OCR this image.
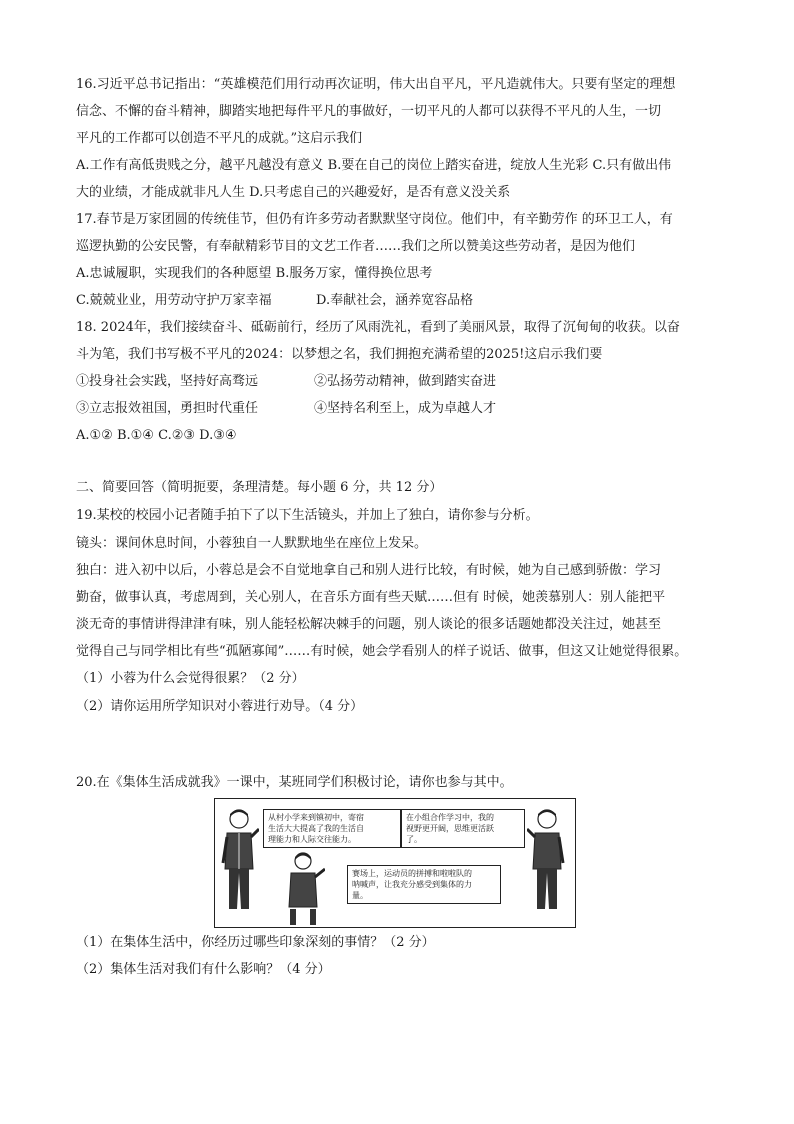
16.习近平总书记指出：“英雄模范们用行动再次证明，伟大出自平凡，平凡造就伟大。只要有坚定的理想
信念、不懈的奋斗精神，脚踏实地把每件平凡的事做好，一切平凡的人都可以获得不平凡的人生，一切
平凡的工作都可以创造不平凡的成就。”这启示我们
A.工作有高低贵贱之分，越平凡越没有意义 B.要在自己的岗位上踏实奋进，绽放人生光彩 C.只有做出伟
大的业绩，才能成就非凡人生 D.只考虑自己的兴趣爱好，是否有意义没关系
17.春节是万家团圆的传统佳节，但仍有许多劳动者默默坚守岗位。他们中，有辛勤劳作 的环卫工人，有
巡逻执勤的公安民警，有奉献精彩节目的文艺工作者……我们之所以赞美这些劳动者，是因为他们
A.忠诚履职，实现我们的各种愿望 B.服务万家，懂得换位思考
C.兢兢业业，用劳动守护万家幸福	D.奉献社会，涵养宽容品格
18. 2024年，我们接续奋斗、砥砺前行，经历了风雨洗礼，看到了美丽风景，取得了沉甸甸的收获。以奋
斗为笔，我们书写极不平凡的2024：以梦想之名，我们拥抱充满希望的2025!这启示我们要
①投身社会实践，坚持好高骛远	②弘扬劳动精神，做到踏实奋进
③立志报效祖国，勇担时代重任	④坚持名利至上，成为卓越人才
A.①② B.①④ C.②③ D.③④
二、简要回答（简明扼要，条理清楚。每小题 6 分，共 12 分）
19.某校的校园小记者随手拍下了以下生活镜头，并加上了独白，请你参与分析。
镜头：课间休息时间，小蓉独自一人默默地坐在座位上发呆。
独白：进入初中以后，小蓉总是会不自觉地拿自己和别人进行比较，有时候，她为自己感到骄傲：学习
勤奋，做事认真，考虑周到，关心别人，在音乐方面有些天赋……但有 时候，她羡慕别人：别人能把平
淡无奇的事情讲得津津有味，别人能轻松解决棘手的问题，别人谈论的很多话题她都没关注过，她甚至
觉得自己与同学相比有些“孤陋寡闻”……有时候，她会学看别人的样子说话、做事，但这又让她觉得很累。
（1）小蓉为什么会觉得很累？（2 分）
（2）请你运用所学知识对小蓉进行劝导。（4 分）
20.在《集体生活成就我》一课中，某班同学们积极讨论，请你也参与其中。
从村小学来到镇初中，寄宿
生活大大提高了我的生活自
理能力和人际交往能力。
在小组合作学习中，我的
视野更开阔，思维更活跃
了。
赛场上，运动员的拼搏和啦啦队的
呐喊声，让我充分感受到集体的力
量。
（1）在集体生活中，你经历过哪些印象深刻的事情？（2 分）
（2）集体生活对我们有什么影响？（4 分）
